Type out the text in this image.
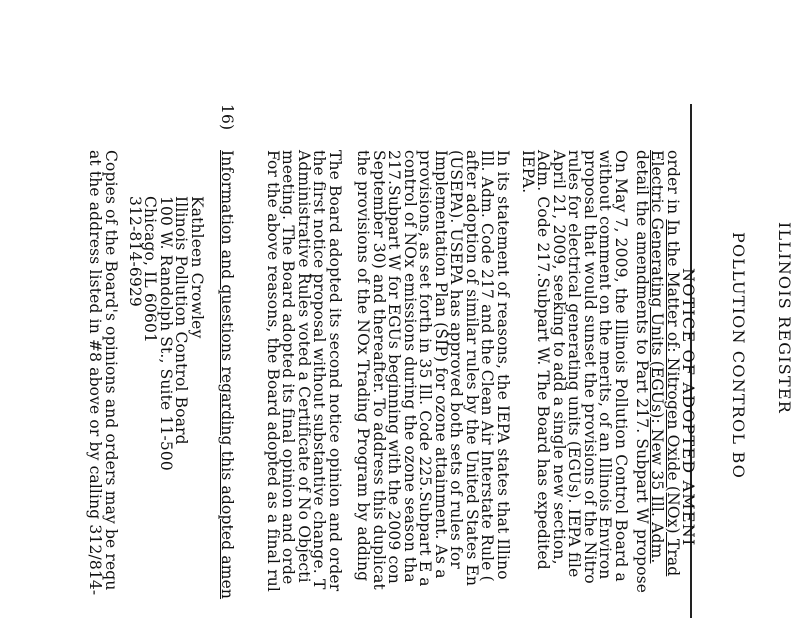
ILLINOIS REGISTER
POLLUTION CONTROL BO
NOTICE OF ADOPTED AMENI
order in In the Matter of: Nitrogen Oxide (NOx) Trad
Electric Generating Units (EGUs): New 35 Ill. Adm.
detail the amendments to Part 217. Subpart W propose
On May 7, 2009, the Illinois Pollution Control Board a
without comment on the merits, of an Illinois Environ
proposal that would sunset the provisions of the Nitro
rules for electrical generating units (EGUs). IEPA file
April 21, 2009, seeking to add a single new section,
Adm. Code 217.Subpart W. The Board has expedited
IEPA.
In its statement of reasons, the IEPA states that Illino
Ill. Adm. Code 217 and the Clean Air Interstate Rule (
after adoption of similar rules by the United States En
(USEPA). USEPA has approved both sets of rules for
Implementation Plan (SIP) for ozone attainment. As a
provisions, as set forth in 35 Ill. Code 225.Subpart E a
control of NOx emissions during the ozone season tha
217.Subpart W for EGUs beginning with the 2009 con
September 30) and thereafter. To address this duplicat
the provisions of the NOx Trading Program by adding
The Board adopted its second notice opinion and order
the first notice proposal without substantive change. T
Administrative Rules voted a Certificate of No Objecti
meeting. The Board adopted its final opinion and orde
For the above reasons, the Board adopted as a final rul
16)
Information and questions regarding this adopted amen
Kathleen Crowley
Illinois Pollution Control Board
100 W. Randolph St., Suite 11-500
Chicago, IL 60601
312-814-6929
Copies of the Board's opinions and orders may be requ
at the address listed in #8 above or by calling 312/814-
